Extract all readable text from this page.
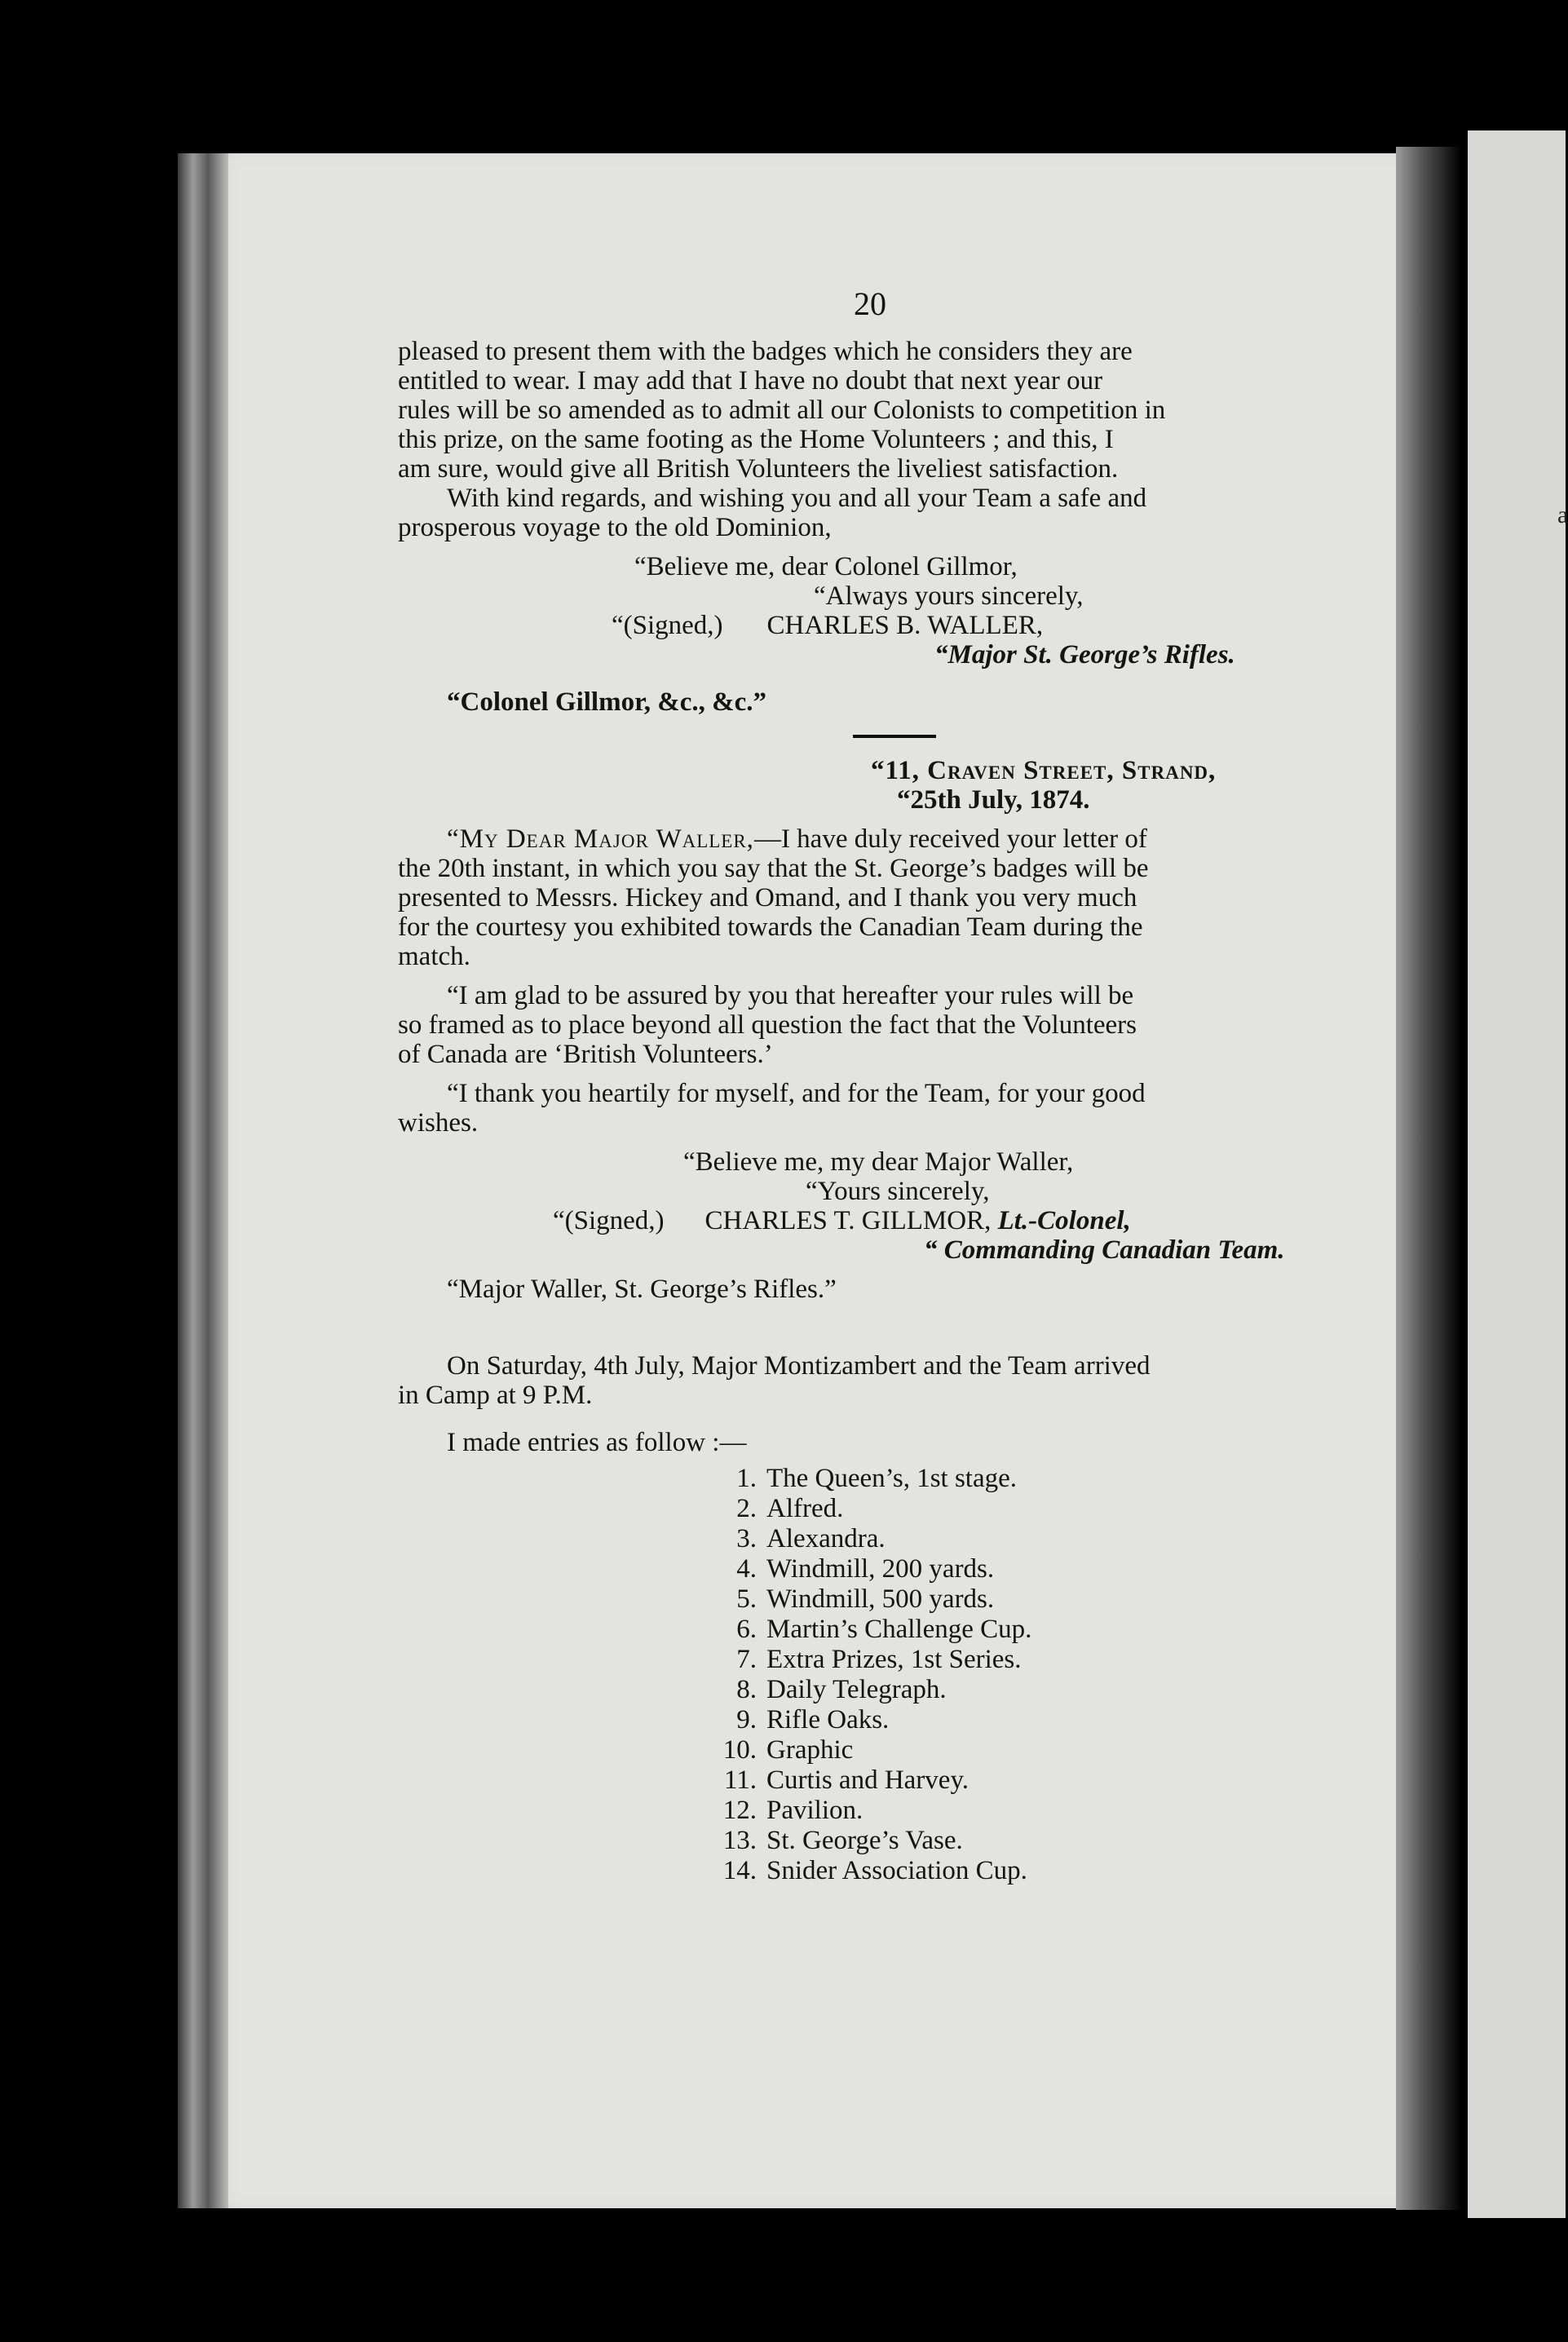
a
20
pleased to present them with the badges which he considers they are
entitled to wear. I may add that I have no doubt that next year our
rules will be so amended as to admit all our Colonists to competition in
this prize, on the same footing as the Home Volunteers ; and this, I
am sure, would give all British Volunteers the liveliest satisfaction.
With kind regards, and wishing you and all your Team a safe and
prosperous voyage to the old Dominion,
“Believe me, dear Colonel Gillmor,
“Always yours sincerely,
“(Signed,) CHARLES B. WALLER,
“Major St. George’s Rifles.
“Colonel Gillmor, &c., &c.”
“11, Craven Street, Strand,
“25th July, 1874.
“My Dear Major Waller,—I have duly received your letter of
the 20th instant, in which you say that the St. George’s badges will be
presented to Messrs. Hickey and Omand, and I thank you very much
for the courtesy you exhibited towards the Canadian Team during the
match.
“I am glad to be assured by you that hereafter your rules will be
so framed as to place beyond all question the fact that the Volunteers
of Canada are ‘British Volunteers.’
“I thank you heartily for myself, and for the Team, for your good
wishes.
“Believe me, my dear Major Waller,
“Yours sincerely,
“(Signed,) CHARLES T. GILLMOR, Lt.-Colonel,
“ Commanding Canadian Team.
“Major Waller, St. George’s Rifles.”
On Saturday, 4th July, Major Montizambert and the Team arrived
in Camp at 9 P.M.
I made entries as follow :—
1. The Queen’s, 1st stage.
2. Alfred.
3. Alexandra.
4. Windmill, 200 yards.
5. Windmill, 500 yards.
6. Martin’s Challenge Cup.
7. Extra Prizes, 1st Series.
8. Daily Telegraph.
9. Rifle Oaks.
10. Graphic
11. Curtis and Harvey.
12. Pavilion.
13. St. George’s Vase.
14. Snider Association Cup.
